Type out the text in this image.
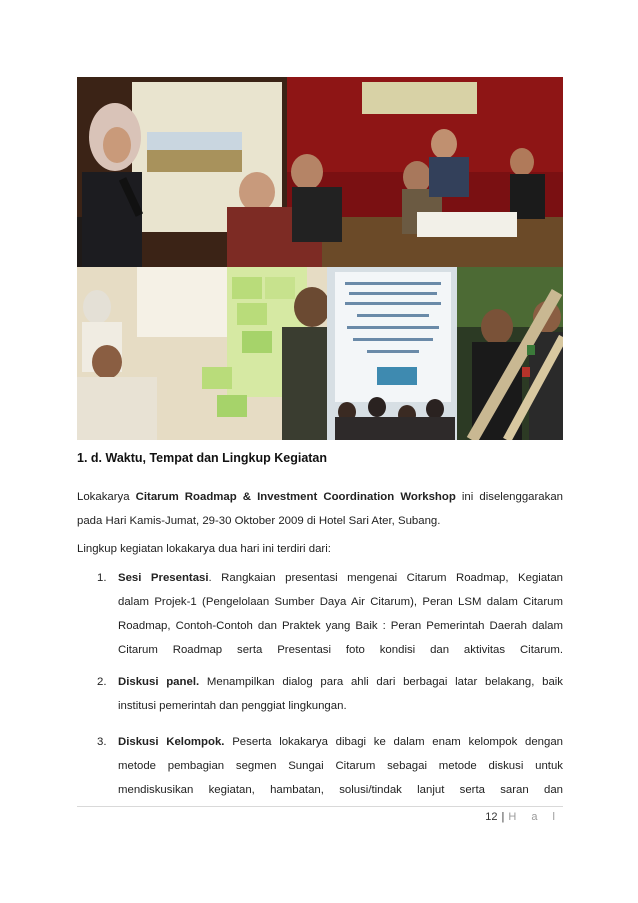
1. d. Waktu, Tempat dan Lingkup Kegiatan
Lokakarya Citarum Roadmap & Investment Coordination Workshop ini diselenggarakan
pada Hari Kamis-Jumat, 29-30 Oktober 2009 di Hotel Sari Ater, Subang.
Lingkup kegiatan lokakarya dua hari ini terdiri dari:
1. Sesi Presentasi. Rangkaian presentasi mengenai Citarum Roadmap, Kegiatan
dalam Projek-1 (Pengelolaan Sumber Daya Air Citarum), Peran LSM dalam Citarum
Roadmap, Contoh-Contoh dan Praktek yang Baik : Peran Pemerintah Daerah dalam
Citarum Roadmap serta Presentasi foto kondisi dan aktivitas Citarum.
2. Diskusi panel. Menampilkan dialog para ahli dari berbagai latar belakang, baik
institusi pemerintah dan penggiat lingkungan.
3. Diskusi Kelompok. Peserta lokakarya dibagi ke dalam enam kelompok dengan
metode pembagian segmen Sungai Citarum sebagai metode diskusi untuk
mendiskusikan kegiatan, hambatan, solusi/tindak lanjut serta saran dan
12 | H a l
